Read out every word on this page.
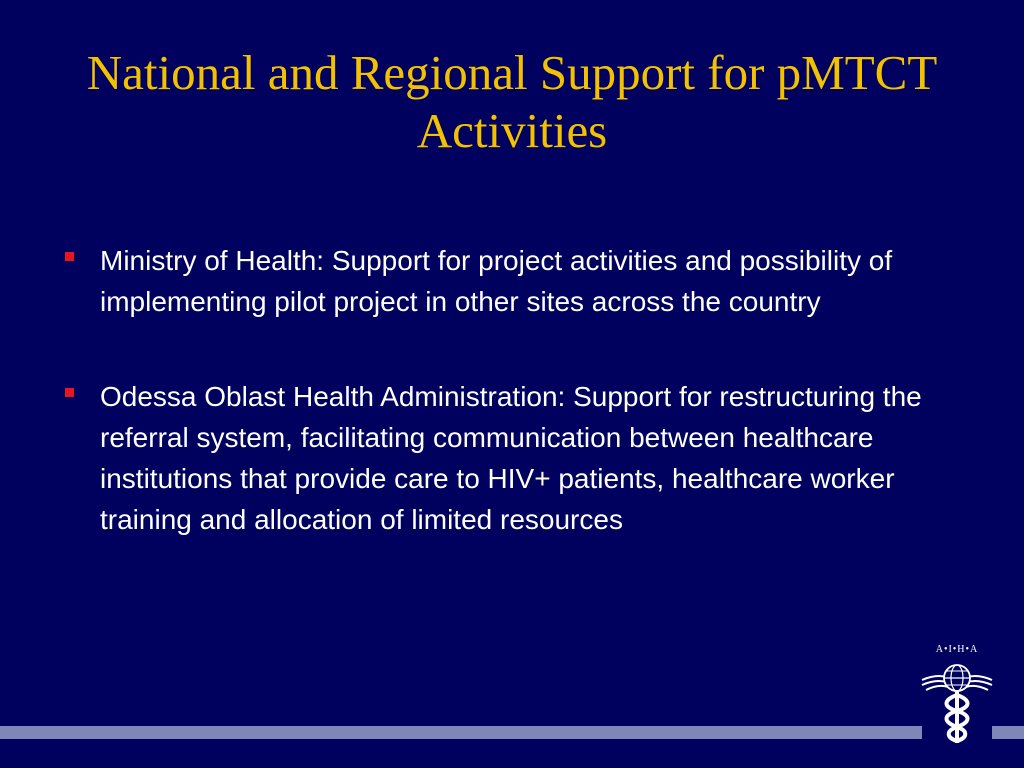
National and Regional Support for pMTCT Activities
Ministry of Health: Support for project activities and possibility of implementing pilot project in other sites across the country
Odessa Oblast Health Administration: Support for restructuring the referral system, facilitating communication between healthcare institutions that provide care to HIV+ patients, healthcare worker training and allocation of limited resources
A•I•H•A
